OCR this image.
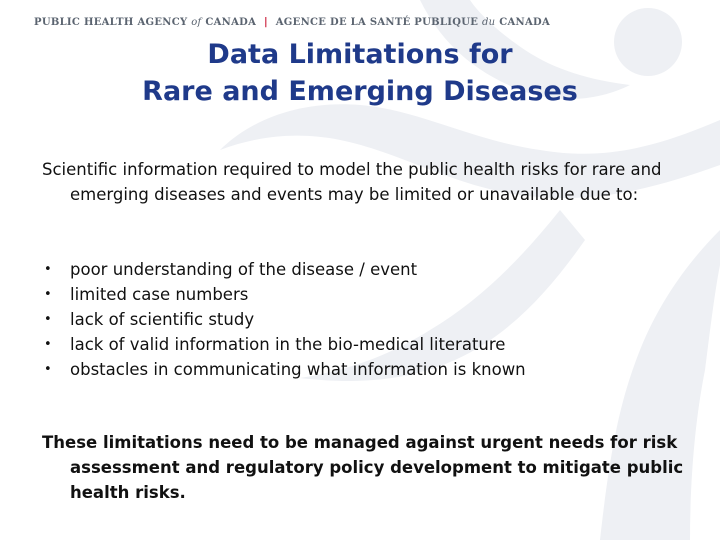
PUBLIC HEALTH AGENCY of CANADA | AGENCE DE LA SANTÉ PUBLIQUE du CANADA
Data Limitations for
Rare and Emerging Diseases
Scientific information required to model the public health risks for rare and emerging diseases and events may be limited or unavailable due to:
• poor understanding of the disease / event
• limited case numbers
• lack of scientific study
• lack of valid information in the bio-medical literature
• obstacles in communicating what information is known
These limitations need to be managed against urgent needs for risk assessment and regulatory policy development to mitigate public health risks.
